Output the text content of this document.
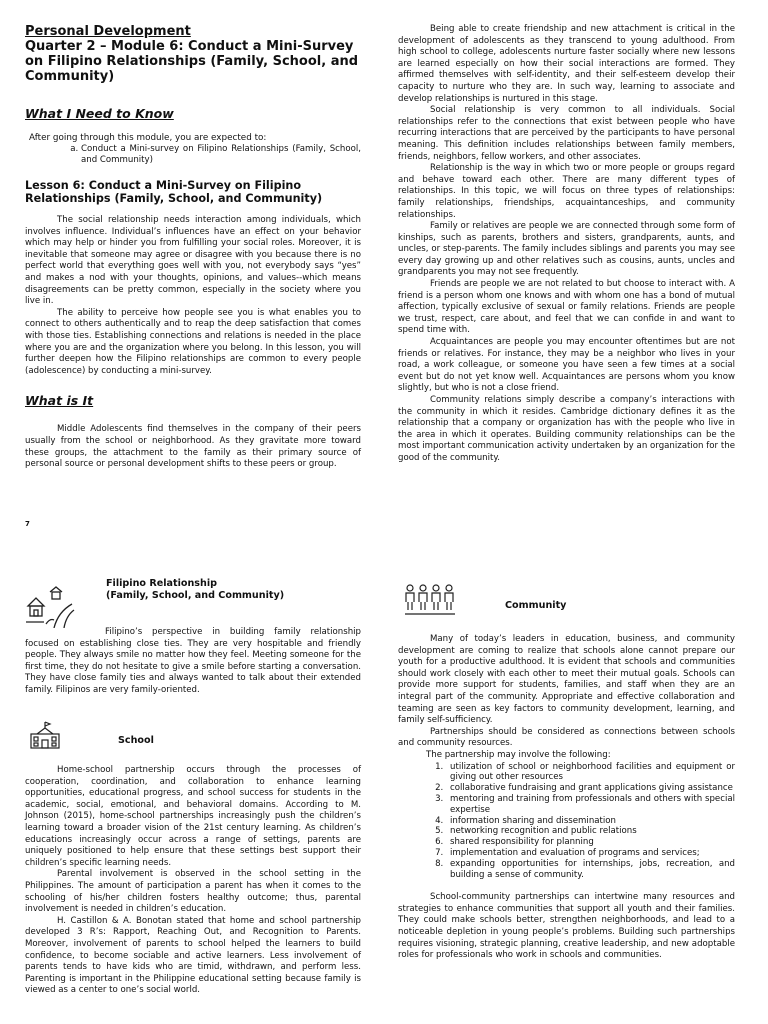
Personal Development

Quarter 2 – Module 6: Conduct a Mini-Survey on Filipino Relationships (Family, School, and Community)

What I Need to Know

After going through this module, you are expected to:

a. Conduct a Mini-survey on Filipino Relationships (Family, School, and Community)

Lesson 6: Conduct a Mini-Survey on Filipino Relationships (Family, School, and Community)

The social relationship needs interaction among individuals, which involves influence. Individual’s influences have an effect on your behavior which may help or hinder you from fulfilling your social roles. Moreover, it is inevitable that someone may agree or disagree with you because there is no perfect world that everything goes well with you, not everybody says “yes” and makes a nod with your thoughts, opinions, and values--which means disagreements can be pretty common, especially in the society where you live in.

The ability to perceive how people see you is what enables you to connect to others authentically and to reap the deep satisfaction that comes with those ties. Establishing connections and relations is needed in the place where you are and the organization where you belong. In this lesson, you will further deepen how the Filipino relationships are common to every people (adolescence) by conducting a mini-survey.

What is It

Middle Adolescents find themselves in the company of their peers usually from the school or neighborhood. As they gravitate more toward these groups, the attachment to the family as their primary source of personal source or personal development shifts to these peers or group.

Being able to create friendship and new attachment is critical in the development of adolescents as they transcend to young adulthood. From high school to college, adolescents nurture faster socially where new lessons are learned especially on how their social interactions are formed. They affirmed themselves with self-identity, and their self-esteem develop their capacity to nurture who they are. In such way, learning to associate and develop relationships is nurtured in this stage.

Social relationship is very common to all individuals. Social relationships refer to the connections that exist between people who have recurring interactions that are perceived by the participants to have personal meaning. This definition includes relationships between family members, friends, neighbors, fellow workers, and other associates.

Relationship is the way in which two or more people or groups regard and behave toward each other. There are many different types of relationships. In this topic, we will focus on three types of relationships: family relationships, friendships, acquaintanceships, and community relationships.

Family or relatives are people we are connected through some form of kinships, such as parents, brothers and sisters, grandparents, aunts, and uncles, or step-parents. The family includes siblings and parents you may see every day growing up and other relatives such as cousins, aunts, uncles and grandparents you may not see frequently.

Friends are people we are not related to but choose to interact with. A friend is a person whom one knows and with whom one has a bond of mutual affection, typically exclusive of sexual or family relations. Friends are people we trust, respect, care about, and feel that we can confide in and want to spend time with.

Acquaintances are people you may encounter oftentimes but are not friends or relatives. For instance, they may be a neighbor who lives in your road, a work colleague, or someone you have seen a few times at a social event but do not yet know well. Acquaintances are persons whom you know slightly, but who is not a close friend.

Community relations simply describe a company’s interactions with the community in which it resides. Cambridge dictionary defines it as the relationship that a company or organization has with the people who live in the area in which it operates. Building community relationships can be the most important communication activity undertaken by an organization for the good of the community.

7

Filipino Relationship

(Family, School, and Community)

Filipino’s perspective in building family relationship focused on establishing close ties. They are very hospitable and friendly people. They always smile no matter how they feel. Meeting someone for the first time, they do not hesitate to give a smile before starting a conversation. They have close family ties and always wanted to talk about their extended family. Filipinos are very family-oriented.

School

Home-school partnership occurs through the processes of cooperation, coordination, and collaboration to enhance learning opportunities, educational progress, and school success for students in the academic, social, emotional, and behavioral domains. According to M. Johnson (2015), home-school partnerships increasingly push the children’s learning toward a broader vision of the 21st century learning. As children’s educations increasingly occur across a range of settings, parents are uniquely positioned to help ensure that these settings best support their children’s specific learning needs.

Parental involvement is observed in the school setting in the Philippines. The amount of participation a parent has when it comes to the schooling of his/her children fosters healthy outcome; thus, parental involvement is needed in children’s education.

H. Castillon & A. Bonotan stated that home and school partnership developed 3 R’s: Rapport, Reaching Out, and Recognition to Parents. Moreover, involvement of parents to school helped the learners to build confidence, to become sociable and active learners. Less involvement of parents tends to have kids who are timid, withdrawn, and perform less. Parenting is important in the Philippine educational setting because family is viewed as a center to one’s social world.

Community

Many of today’s leaders in education, business, and community development are coming to realize that schools alone cannot prepare our youth for a productive adulthood. It is evident that schools and communities should work closely with each other to meet their mutual goals. Schools can provide more support for students, families, and staff when they are an integral part of the community. Appropriate and effective collaboration and teaming are seen as key factors to community development, learning, and family self-sufficiency.

Partnerships should be considered as connections between schools and community resources.

The partnership may involve the following:

1. utilization of school or neighborhood facilities and equipment or giving out other resources
2. collaborative fundraising and grant applications giving assistance
3. mentoring and training from professionals and others with special expertise
4. information sharing and dissemination
5. networking recognition and public relations
6. shared responsibility for planning
7. implementation and evaluation of programs and services;
8. expanding opportunities for internships, jobs, recreation, and building a sense of community.

School-community partnerships can intertwine many resources and strategies to enhance communities that support all youth and their families. They could make schools better, strengthen neighborhoods, and lead to a noticeable depletion in young people’s problems. Building such partnerships requires visioning, strategic planning, creative leadership, and new adoptable roles for professionals who work in schools and communities.
